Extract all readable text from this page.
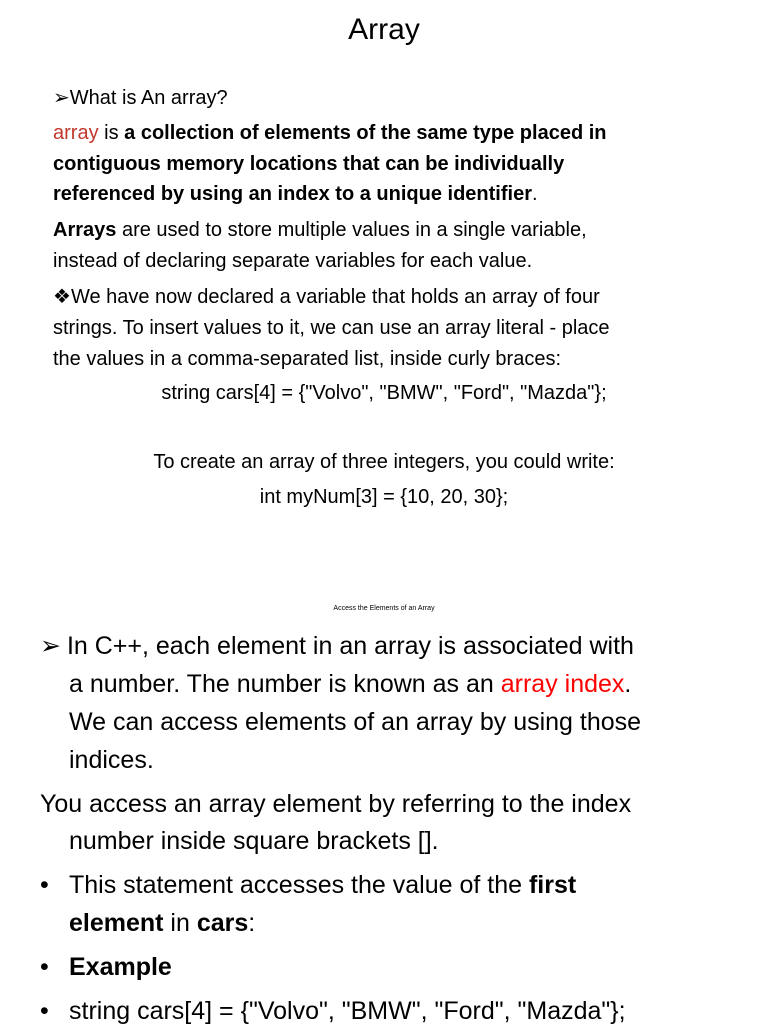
Array
➢What is An array?
array is a collection of elements of the same type placed in
contiguous memory locations that can be individually
referenced by using an index to a unique identifier.
Arrays are used to store multiple values in a single variable,
instead of declaring separate variables for each value.
❖We have now declared a variable that holds an array of four
strings. To insert values to it, we can use an array literal - place
the values in a comma-separated list, inside curly braces:
string cars[4] = {"Volvo", "BMW", "Ford", "Mazda"};
To create an array of three integers, you could write:
int myNum[3] = {10, 20, 30};
Access the Elements of an Array
➢ In C++, each element in an array is associated with
a number. The number is known as an array index.
We can access elements of an array by using those
indices.
You access an array element by referring to the index
number inside square brackets [].
• This statement accesses the value of the first
element in cars:
• Example
• string cars[4] = {"Volvo", "BMW", "Ford", "Mazda"};
